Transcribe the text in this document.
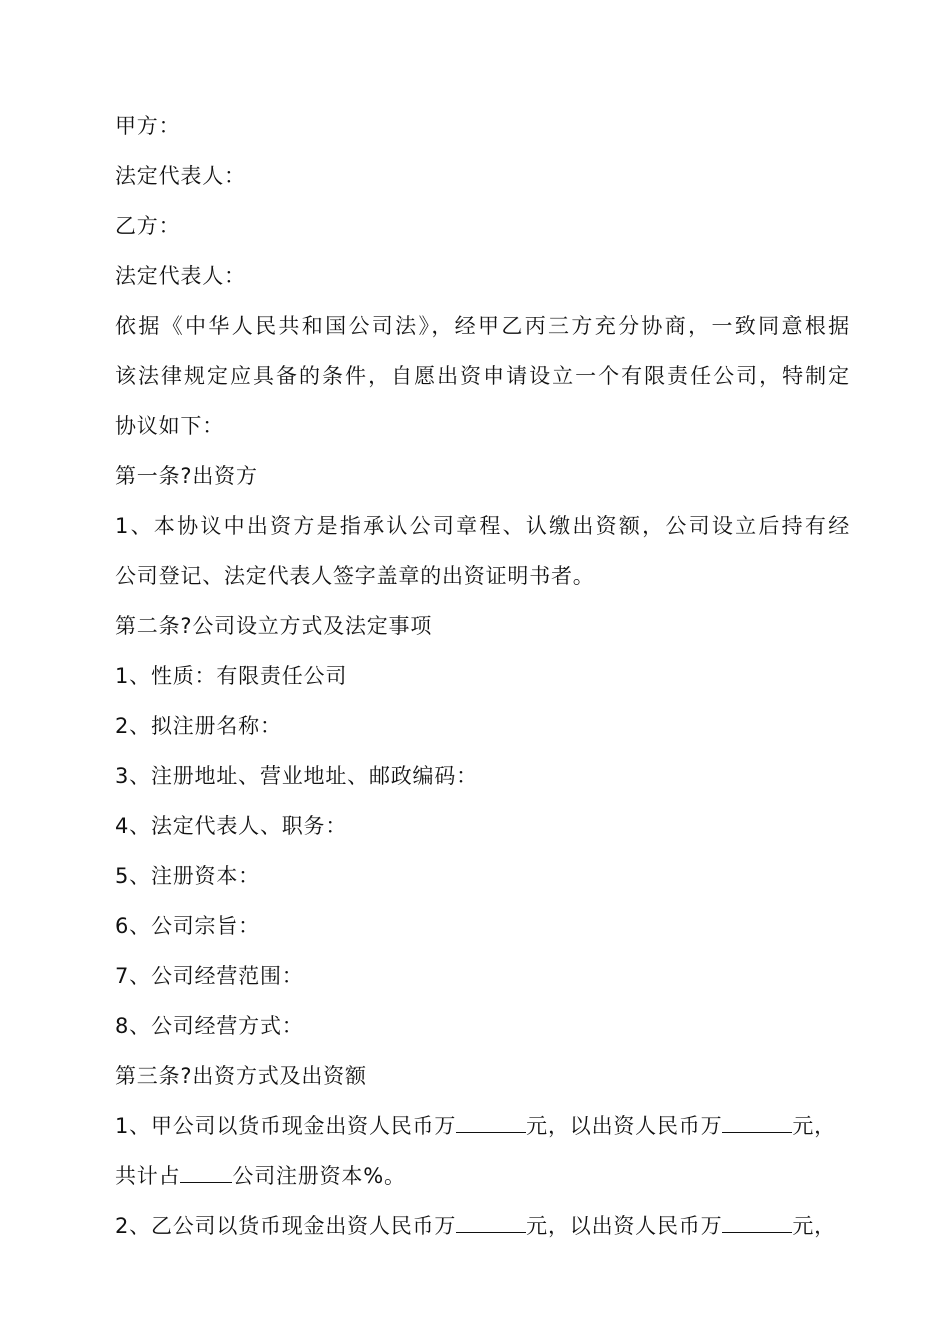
甲方：
法定代表人：
乙方：
法定代表人：
依据《中华人民共和国公司法》，经甲乙丙三方充分协商，一致同意根据
该法律规定应具备的条件，自愿出资申请设立一个有限责任公司，特制定
协议如下：
第一条?出资方
1、本协议中出资方是指承认公司章程、认缴出资额，公司设立后持有经
公司登记、法定代表人签字盖章的出资证明书者。
第二条?公司设立方式及法定事项
1、性质：有限责任公司
2、拟注册名称：
3、注册地址、营业地址、邮政编码：
4、法定代表人、职务：
5、注册资本：
6、公司宗旨：
7、公司经营范围：
8、公司经营方式：
第三条?出资方式及出资额
1、甲公司以货币现金出资人民币万	元，以出资人民币万	元，
共计占 公司注册资本%。
2、乙公司以货币现金出资人民币万	元，以出资人民币万	元，
